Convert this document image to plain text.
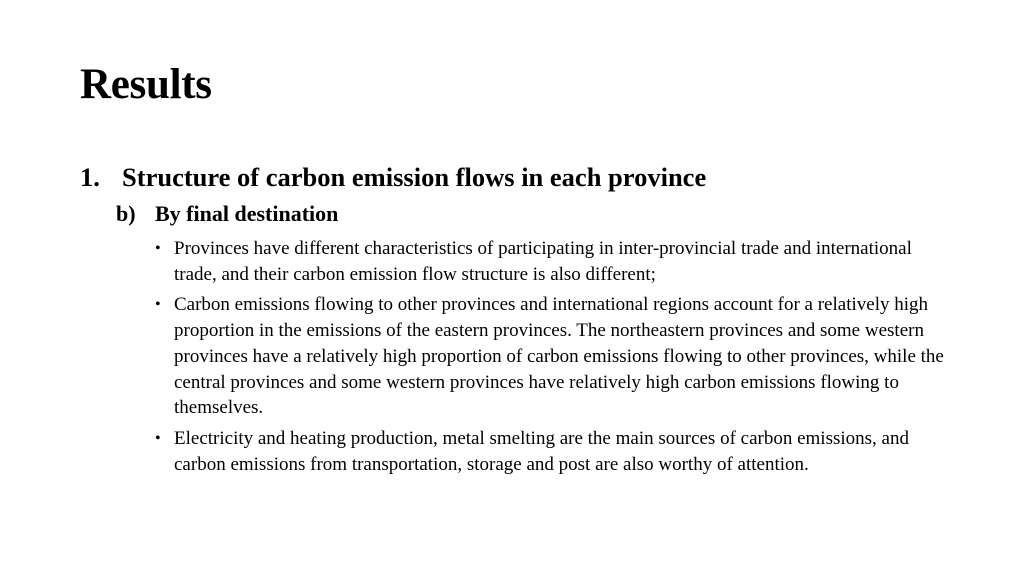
Results
1. Structure of carbon emission flows in each province
b) By final destination
• Provinces have different characteristics of participating in inter-provincial trade and international trade, and their carbon emission flow structure is also different;
• Carbon emissions flowing to other provinces and international regions account for a relatively high proportion in the emissions of the eastern provinces. The northeastern provinces and some western provinces have a relatively high proportion of carbon emissions flowing to other provinces, while the central provinces and some western provinces have relatively high carbon emissions flowing to themselves.
• Electricity and heating production, metal smelting are the main sources of carbon emissions, and carbon emissions from transportation, storage and post are also worthy of attention.
